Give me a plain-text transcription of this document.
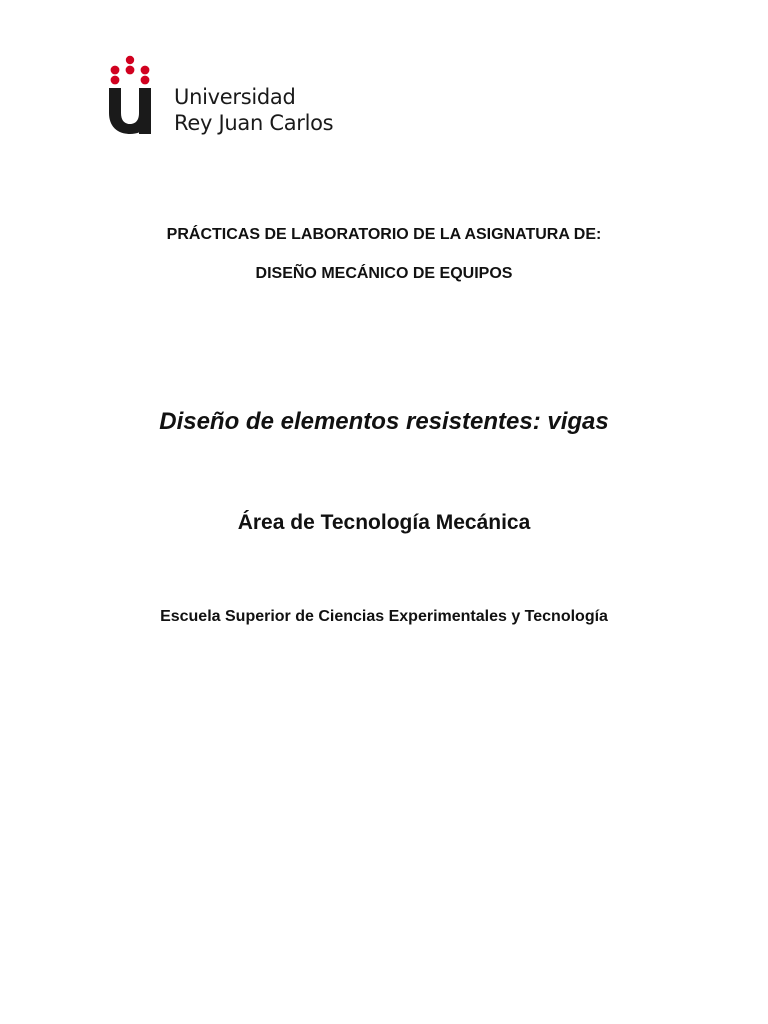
Universidad
Rey Juan Carlos
PRÁCTICAS DE LABORATORIO DE LA ASIGNATURA DE:
DISEÑO MECÁNICO DE EQUIPOS
Diseño de elementos resistentes: vigas
Área de Tecnología Mecánica
Escuela Superior de Ciencias Experimentales y Tecnología
